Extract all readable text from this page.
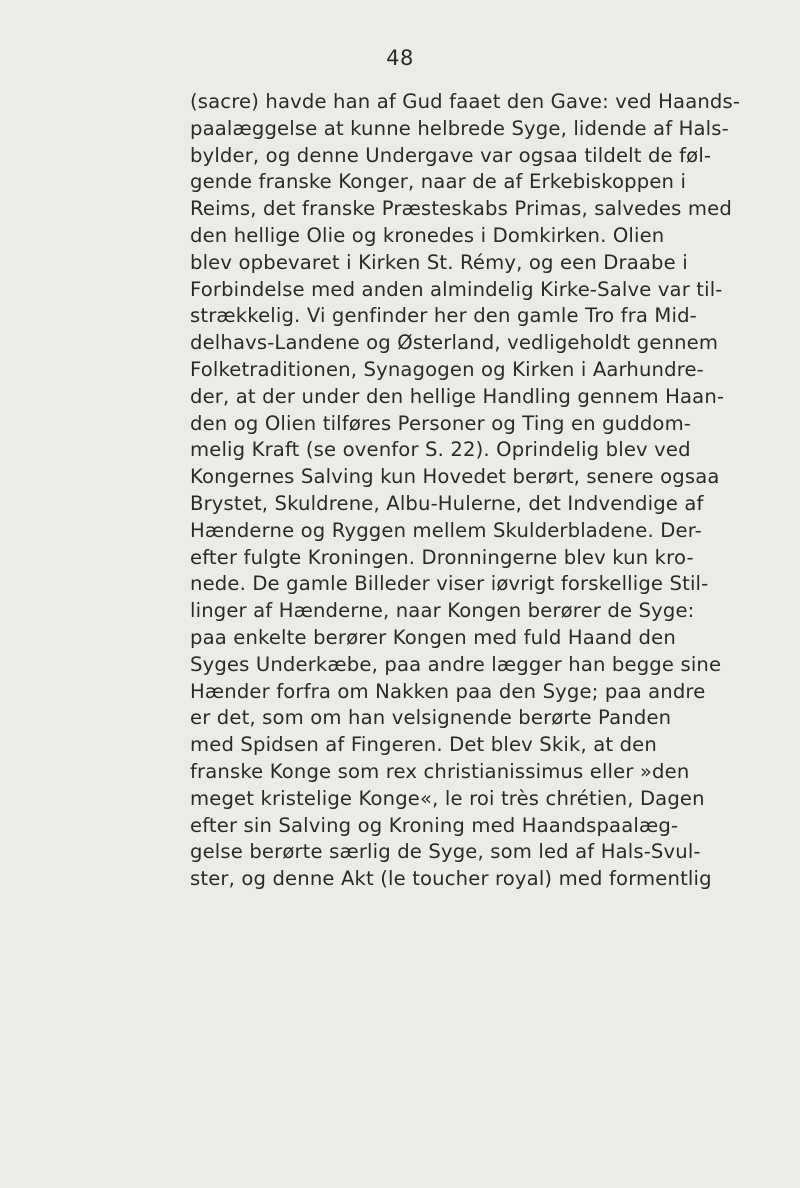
48
(sacre) havde han af Gud faaet den Gave: ved Haands-
paalæggelse at kunne helbrede Syge, lidende af Hals-
bylder, og denne Undergave var ogsaa tildelt de føl-
gende franske Konger, naar de af Erkebiskoppen i
Reims, det franske Præsteskabs Primas, salvedes med
den hellige Olie og kronedes i Domkirken. Olien
blev opbevaret i Kirken St. Rémy, og een Draabe i
Forbindelse med anden almindelig Kirke-Salve var til-
strækkelig. Vi genfinder her den gamle Tro fra Mid-
delhavs-Landene og Østerland, vedligeholdt gennem
Folketraditionen, Synagogen og Kirken i Aarhundre-
der, at der under den hellige Handling gennem Haan-
den og Olien tilføres Personer og Ting en guddom-
melig Kraft (se ovenfor S. 22). Oprindelig blev ved
Kongernes Salving kun Hovedet berørt, senere ogsaa
Brystet, Skuldrene, Albu-Hulerne, det Indvendige af
Hænderne og Ryggen mellem Skulderbladene. Der-
efter fulgte Kroningen. Dronningerne blev kun kro-
nede. De gamle Billeder viser iøvrigt forskellige Stil-
linger af Hænderne, naar Kongen berører de Syge:
paa enkelte berører Kongen med fuld Haand den
Syges Underkæbe, paa andre lægger han begge sine
Hænder forfra om Nakken paa den Syge; paa andre
er det, som om han velsignende berørte Panden
med Spidsen af Fingeren. Det blev Skik, at den
franske Konge som rex christianissimus eller »den
meget kristelige Konge«, le roi très chrétien, Dagen
efter sin Salving og Kroning med Haandspaalæg-
gelse berørte særlig de Syge, som led af Hals-Svul-
ster, og denne Akt (le toucher royal) med formentlig
